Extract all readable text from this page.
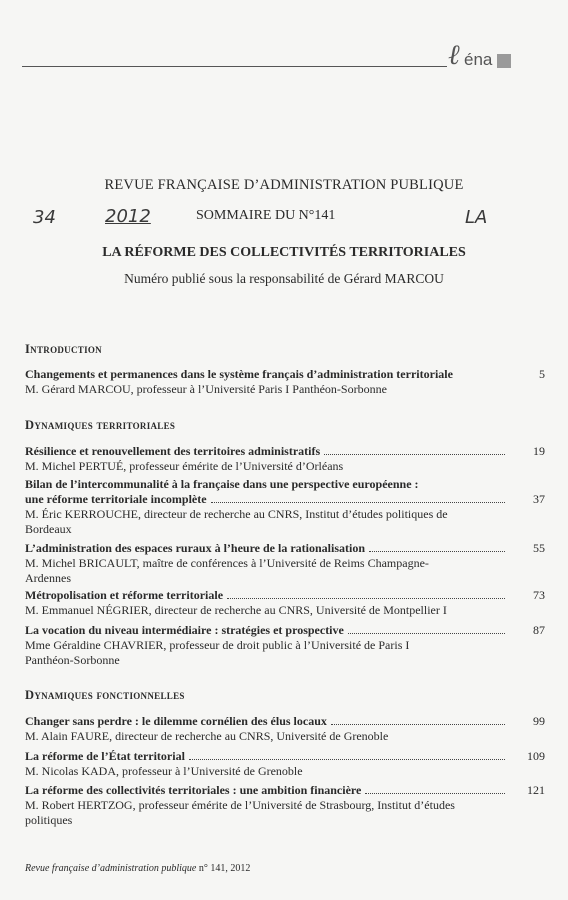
ℓ éna
34	2012	LA
REVUE FRANÇAISE D’ADMINISTRATION PUBLIQUE
SOMMAIRE DU N°141
LA RÉFORME DES COLLECTIVITÉS TERRITORIALES
Numéro publié sous la responsabilité de Gérard MARCOU
Introduction
Changements et permanences dans le système français d’administration territoriale	5
M. Gérard MARCOU, professeur à l’Université Paris I Panthéon-Sorbonne
Dynamiques territoriales
Résilience et renouvellement des territoires administratifs	19
M. Michel PERTUÉ, professeur émérite de l’Université d’Orléans
Bilan de l’intercommunalité à la française dans une perspective européenne :
une réforme territoriale incomplète	37
M. Éric KERROUCHE, directeur de recherche au CNRS, Institut d’études politiques de Bordeaux
L’administration des espaces ruraux à l’heure de la rationalisation	55
M. Michel BRICAULT, maître de conférences à l’Université de Reims Champagne-Ardennes
Métropolisation et réforme territoriale	73
M. Emmanuel NÉGRIER, directeur de recherche au CNRS, Université de Montpellier I
La vocation du niveau intermédiaire : stratégies et prospective	87
Mme Géraldine CHAVRIER, professeur de droit public à l’Université de Paris I Panthéon-Sorbonne
Dynamiques fonctionnelles
Changer sans perdre : le dilemme cornélien des élus locaux	99
M. Alain FAURE, directeur de recherche au CNRS, Université de Grenoble
La réforme de l’État territorial	109
M. Nicolas KADA, professeur à l’Université de Grenoble
La réforme des collectivités territoriales : une ambition financière	121
M. Robert HERTZOG, professeur émérite de l’Université de Strasbourg, Institut d’études politiques
Revue française d’administration publique n° 141, 2012
